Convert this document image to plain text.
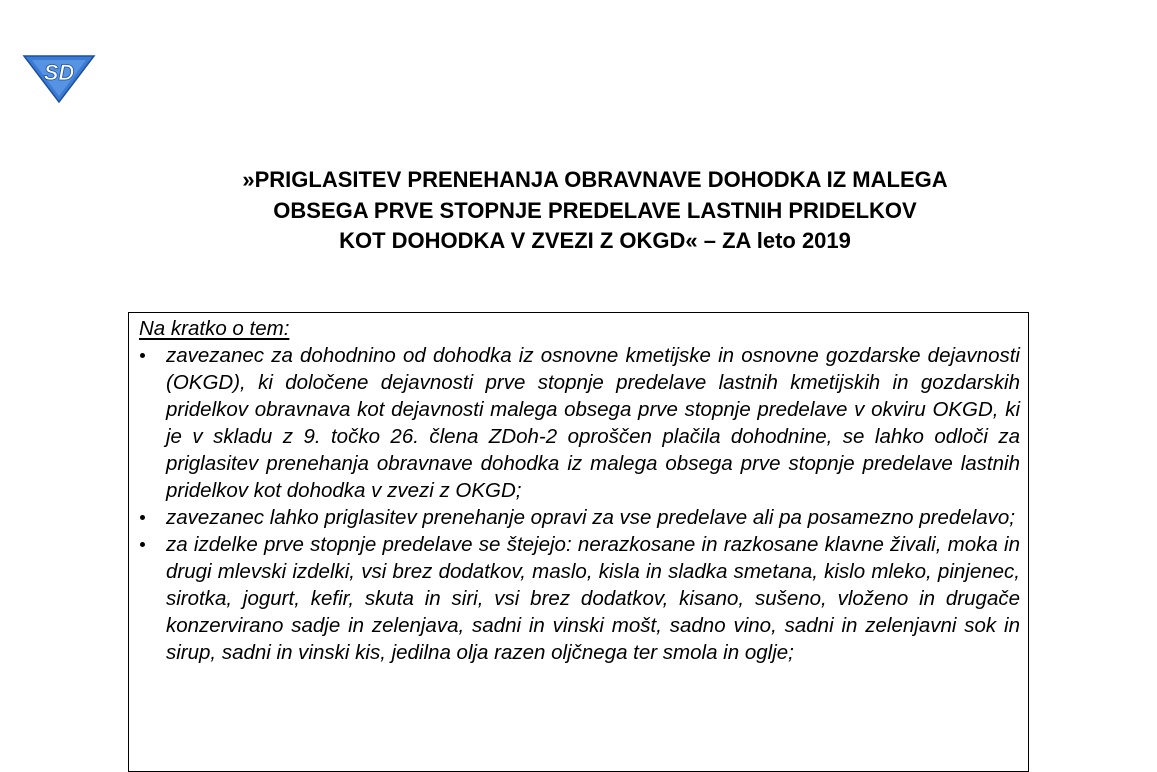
SD
»PRIGLASITEV PRENEHANJA OBRAVNAVE DOHODKA IZ MALEGA
OBSEGA PRVE STOPNJE PREDELAVE LASTNIH PRIDELKOV
KOT DOHODKA V ZVEZI Z OKGD« – ZA leto 2019
Na kratko o tem:
zavezanec za dohodnino od dohodka iz osnovne kmetijske in osnovne gozdarske dejavnosti (OKGD), ki določene dejavnosti prve stopnje predelave lastnih kmetijskih in gozdarskih pridelkov obravnava kot dejavnosti malega obsega prve stopnje predelave v okviru OKGD, ki je v skladu z 9. točko 26. člena ZDoh-2 oproščen plačila dohodnine, se lahko odloči za priglasitev prenehanja obravnave dohodka iz malega obsega prve stopnje predelave lastnih pridelkov kot dohodka v zvezi z OKGD;
zavezanec lahko priglasitev prenehanje opravi za vse predelave ali pa posamezno predelavo;
za izdelke prve stopnje predelave se štejejo: nerazkosane in razkosane klavne živali, moka in drugi mlevski izdelki, vsi brez dodatkov, maslo, kisla in sladka smetana, kislo mleko, pinjenec, sirotka, jogurt, kefir, skuta in siri, vsi brez dodatkov, kisano, sušeno, vloženo in drugače konzervirano sadje in zelenjava, sadni in vinski mošt, sadno vino, sadni in zelenjavni sok in sirup, sadni in vinski kis, jedilna olja razen oljčnega ter smola in oglje;
